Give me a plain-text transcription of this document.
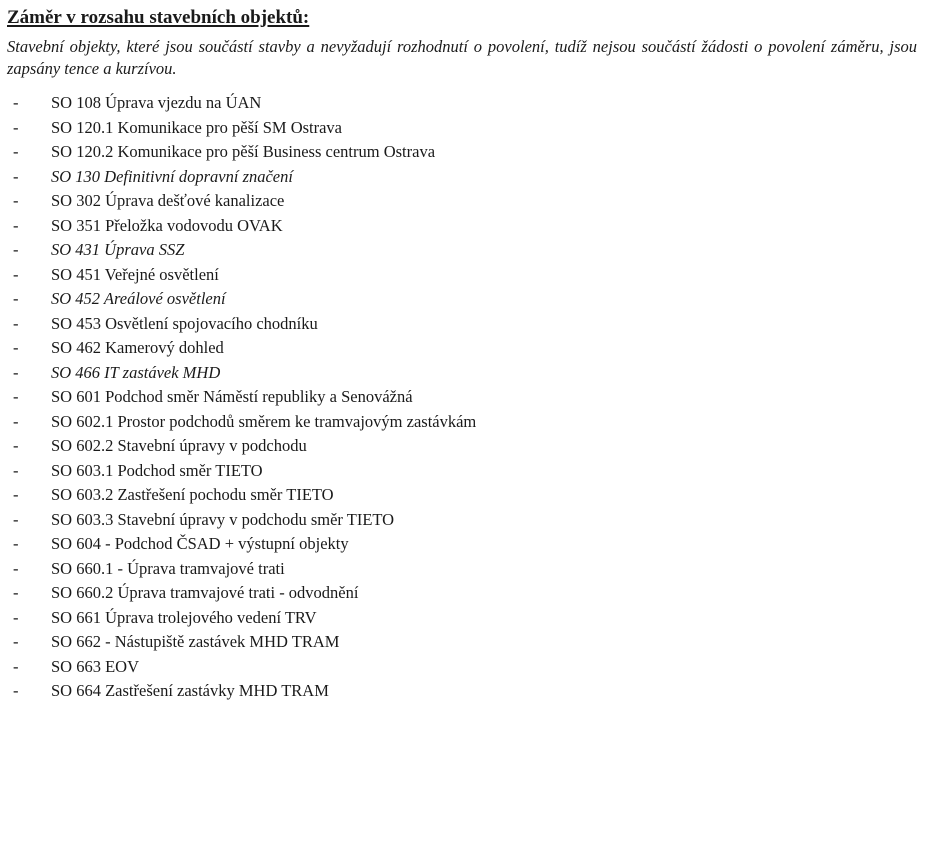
Záměr v rozsahu stavebních objektů:

Stavební objekty, které jsou součástí stavby a nevyžadují rozhodnutí o povolení, tudíž nejsou součástí žádosti o povolení záměru, jsou zapsány tence a kurzívou.

-	SO 108 Úprava vjezdu na ÚAN
-	SO 120.1 Komunikace pro pěší SM Ostrava
-	SO 120.2 Komunikace pro pěší Business centrum Ostrava
-	SO 130 Definitivní dopravní značení
-	SO 302 Úprava dešťové kanalizace
-	SO 351 Přeložka vodovodu OVAK
-	SO 431 Úprava SSZ
-	SO 451 Veřejné osvětlení
-	SO 452 Areálové osvětlení
-	SO 453 Osvětlení spojovacího chodníku
-	SO 462 Kamerový dohled
-	SO 466 IT zastávek MHD
-	SO 601 Podchod směr Náměstí republiky a Senovážná
-	SO 602.1 Prostor podchodů směrem ke tramvajovým zastávkám
-	SO 602.2 Stavební úpravy v podchodu
-	SO 603.1 Podchod směr TIETO
-	SO 603.2 Zastřešení pochodu směr TIETO
-	SO 603.3 Stavební úpravy v podchodu směr TIETO
-	SO 604 - Podchod ČSAD + výstupní objekty
-	SO 660.1 - Úprava tramvajové trati
-	SO 660.2 Úprava tramvajové trati - odvodnění
-	SO 661 Úprava trolejového vedení TRV
-	SO 662 - Nástupiště zastávek MHD TRAM
-	SO 663 EOV
-	SO 664 Zastřešení zastávky MHD TRAM
